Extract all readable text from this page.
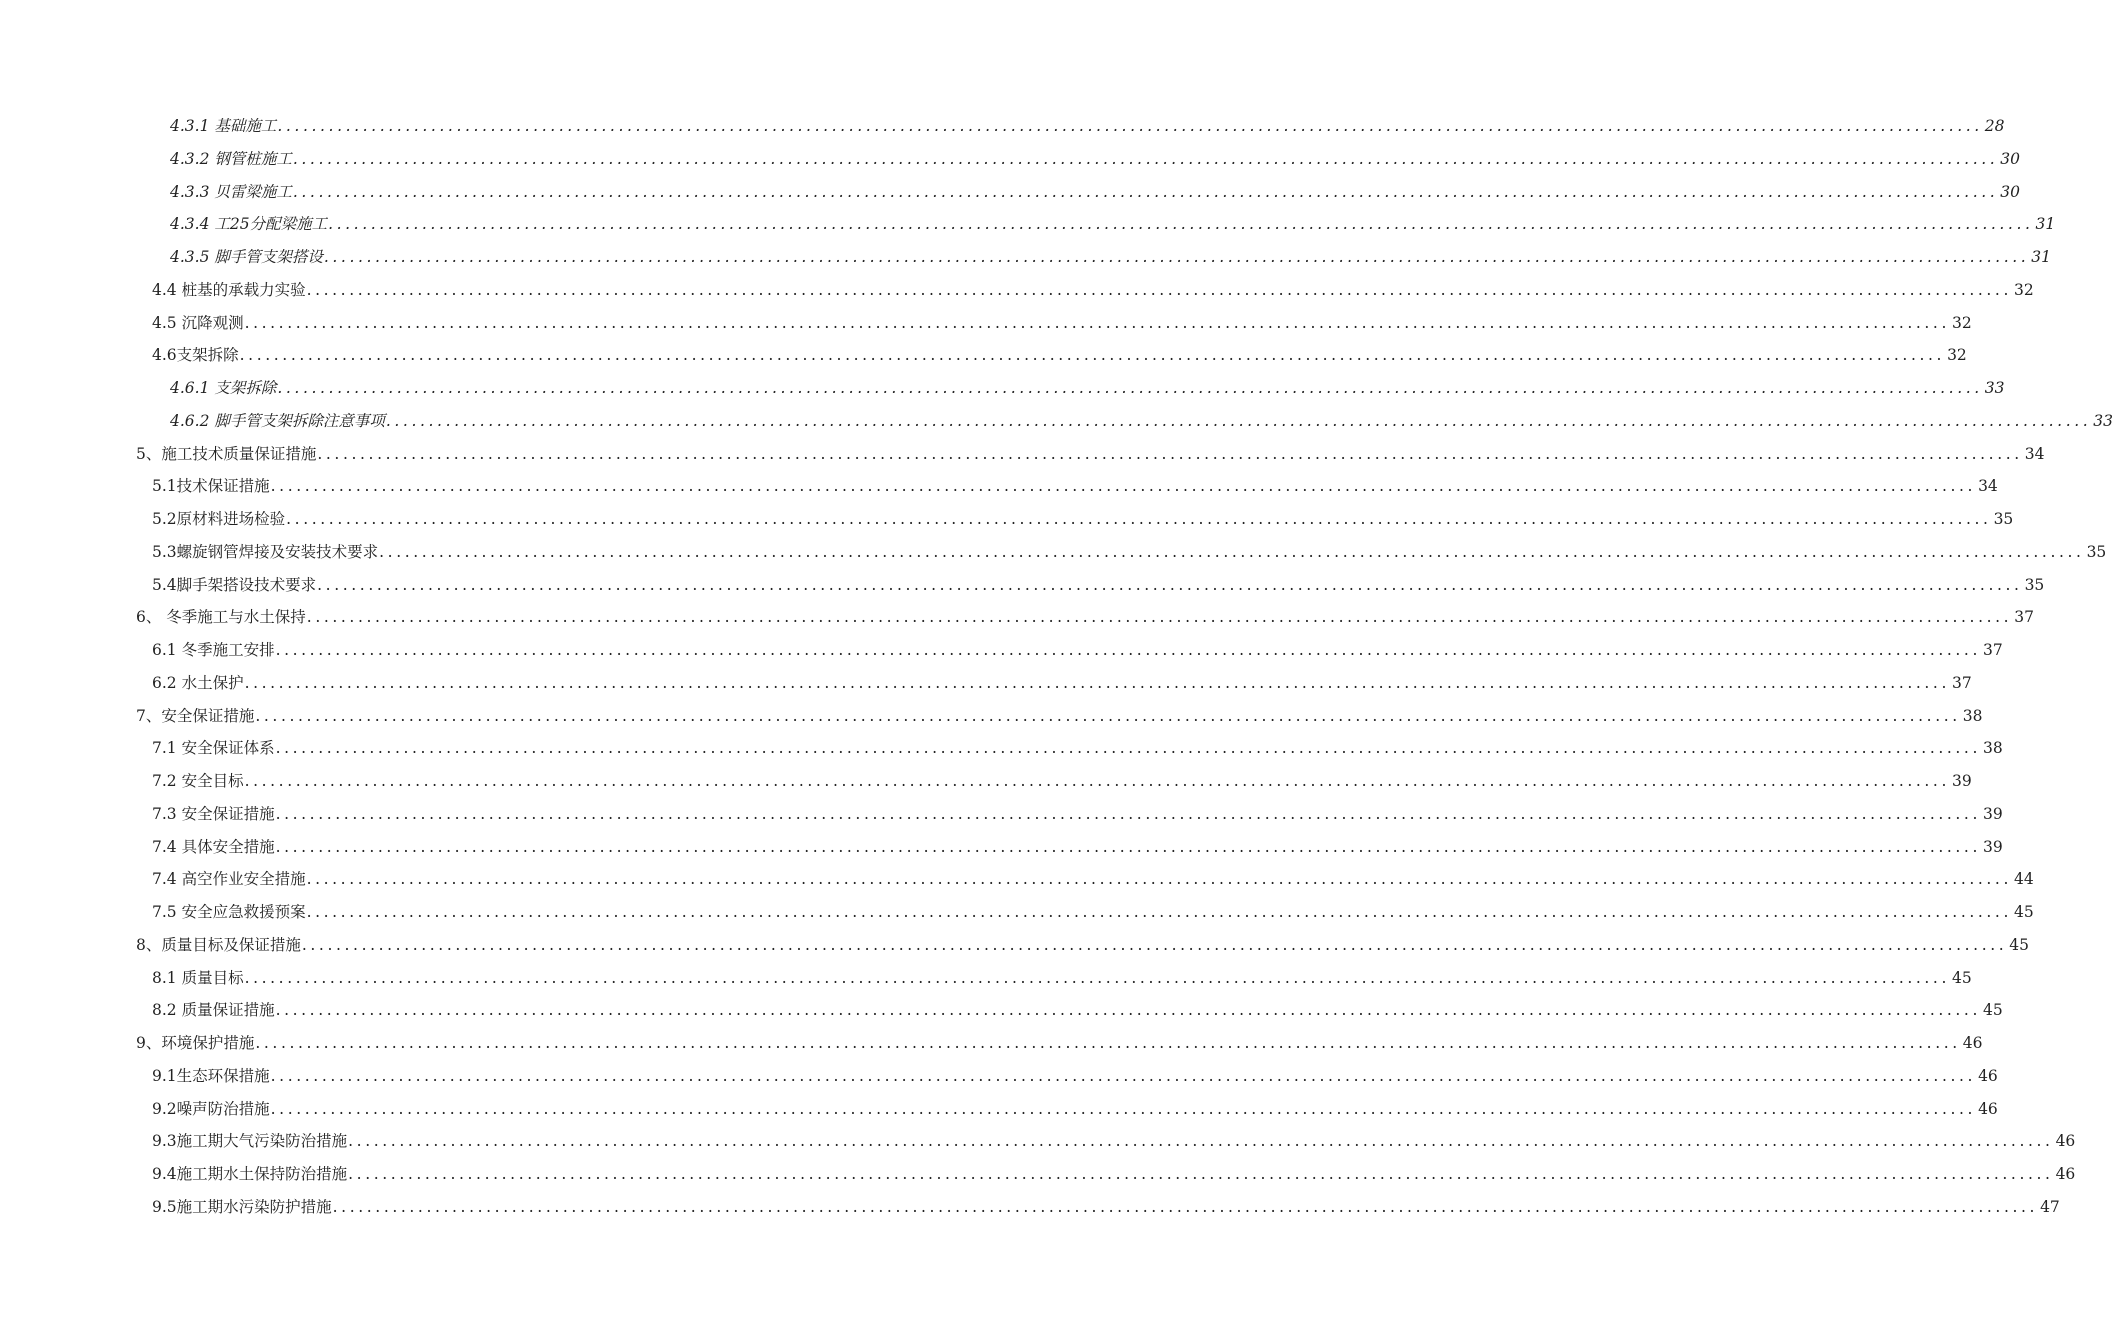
4.3.1 基础施工 ........................................................................................................................................................................................................ 28
4.3.2 钢管桩施工 ........................................................................................................................................................................................................ 30
4.3.3 贝雷梁施工 ........................................................................................................................................................................................................ 30
4.3.4 工25分配梁施工 ........................................................................................................................................................................................................ 31
4.3.5 脚手管支架搭设 ........................................................................................................................................................................................................ 31
4.4 桩基的承载力实验 ........................................................................................................................................................................................................ 32
4.5 沉降观测 ........................................................................................................................................................................................................ 32
4.6支架拆除 ........................................................................................................................................................................................................ 32
4.6.1 支架拆除 ........................................................................................................................................................................................................ 33
4.6.2 脚手管支架拆除注意事项 ........................................................................................................................................................................................................ 33
5、施工技术质量保证措施 ........................................................................................................................................................................................................ 34
5.1技术保证措施 ........................................................................................................................................................................................................ 34
5.2原材料进场检验 ........................................................................................................................................................................................................ 35
5.3螺旋钢管焊接及安装技术要求 ........................................................................................................................................................................................................ 35
5.4脚手架搭设技术要求 ........................................................................................................................................................................................................ 35
6、 冬季施工与水土保持 ........................................................................................................................................................................................................ 37
6.1 冬季施工安排 ........................................................................................................................................................................................................ 37
6.2 水土保护 ........................................................................................................................................................................................................ 37
7、安全保证措施 ........................................................................................................................................................................................................ 38
7.1 安全保证体系 ........................................................................................................................................................................................................ 38
7.2 安全目标 ........................................................................................................................................................................................................ 39
7.3 安全保证措施 ........................................................................................................................................................................................................ 39
7.4 具体安全措施 ........................................................................................................................................................................................................ 39
7.4 高空作业安全措施 ........................................................................................................................................................................................................ 44
7.5 安全应急救援预案 ........................................................................................................................................................................................................ 45
8、质量目标及保证措施 ........................................................................................................................................................................................................ 45
8.1 质量目标 ........................................................................................................................................................................................................ 45
8.2 质量保证措施 ........................................................................................................................................................................................................ 45
9、环境保护措施 ........................................................................................................................................................................................................ 46
9.1生态环保措施 ........................................................................................................................................................................................................ 46
9.2噪声防治措施 ........................................................................................................................................................................................................ 46
9.3施工期大气污染防治措施 ........................................................................................................................................................................................................ 46
9.4施工期水土保持防治措施 ........................................................................................................................................................................................................ 46
9.5施工期水污染防护措施 ........................................................................................................................................................................................................ 47
